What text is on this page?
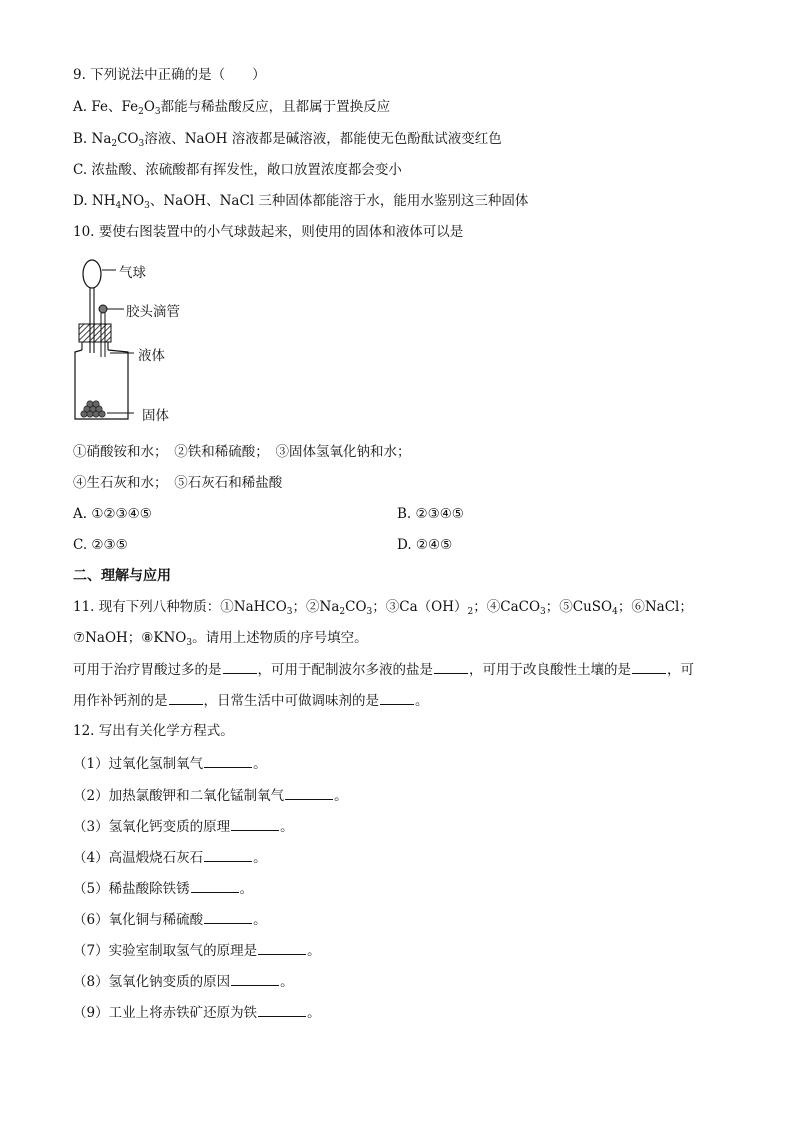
9. 下列说法中正确的是（　　）
A. Fe、$Fe_2O_3$都能与稀盐酸反应，且都属于置换反应
B. $Na_2CO_3$溶液、NaOH 溶液都是碱溶液，都能使无色酚酞试液变红色
C. 浓盐酸、浓硫酸都有挥发性，敞口放置浓度都会变小
D. $NH_4NO_3$、NaOH、NaCl 三种固体都能溶于水，能用水鉴别这三种固体
10. 要使右图装置中的小气球鼓起来，则使用的固体和液体可以是
气球
胶头滴管
液体
固体
①硝酸铵和水；　②铁和稀硫酸；　③固体氢氧化钠和水；
④生石灰和水；　⑤石灰石和稀盐酸
A. ①②③④⑤	B. ②③④⑤
C. ②③⑤	D. ②④⑤
二、理解与应用
11. 现有下列八种物质：①NaHCO$_3$；$②Na_2CO_3$；$③Ca(OH)_2$；④CaCO$_3$；⑤CuSO$_4$；⑥NaCl；
⑦NaOH；$⑧KNO_3$。请用上述物质的序号填空。
可用于治疗胃酸过多的是	，可用于配制波尔多液的盐是	，可用于改良酸性土壤的是	，可
用作补钙剂的是	，日常生活中可做调味剂的是	。
12. 写出有关化学方程式。
（1）过氧化氢制氧气	。
（2）加热氯酸钾和二氧化锰制氧气	。
（3）氢氧化钙变质的原理	。
（4）高温煅烧石灰石	。
（5）稀盐酸除铁锈	。
（6）氧化铜与稀硫酸	。
（7）实验室制取氢气的原理是	。
（8）氢氧化钠变质的原因	。
（9）工业上将赤铁矿还原为铁	。
